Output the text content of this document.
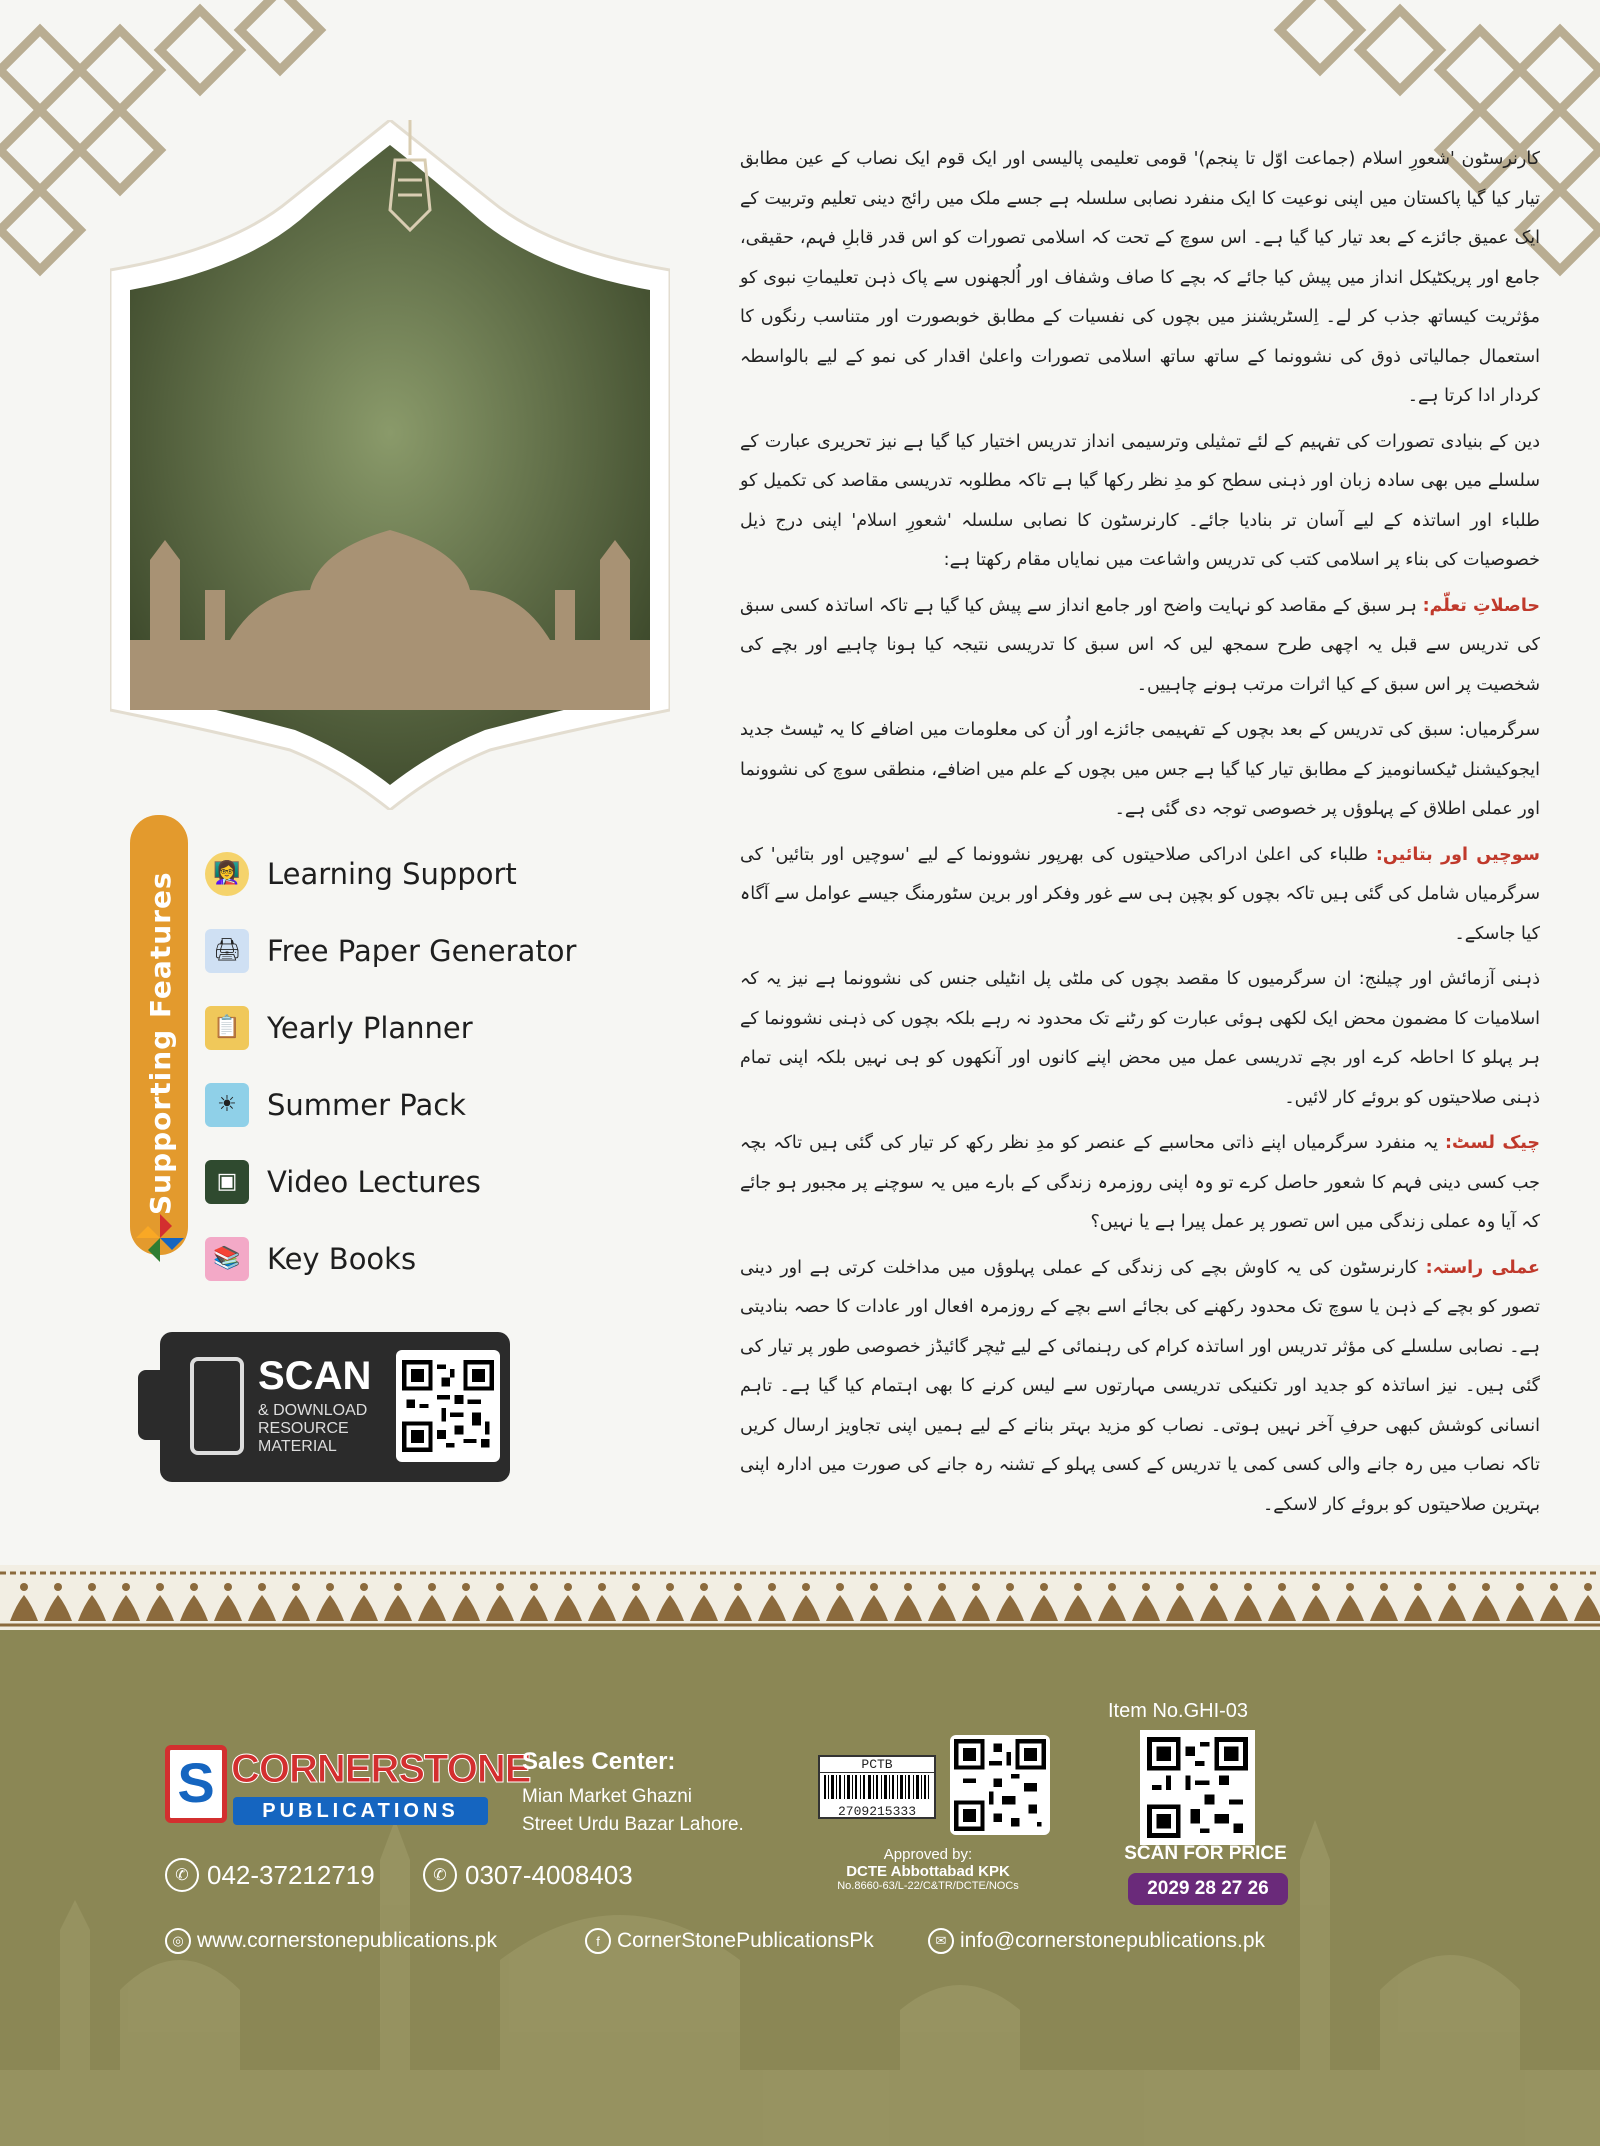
Supporting Features	👩‍🏫 Learning Support
🖨 Free Paper Generator
📋 Yearly Planner
☀	Summer Pack
▣	Video Lectures
📚 Key Books
SCAN
& DOWNLOAD
RESOURCE
MATERIAL

کارنرسٹون 'شعورِ اسلام (جماعت اوّل تا پنجم)' قومی تعلیمی پالیسی اور ایک قوم ایک نصاب کے عین مطابق تیار کیا گیا پاکستان میں اپنی نوعیت کا ایک منفرد نصابی سلسلہ ہے جسے ملک میں رائج دینی تعلیم وتربیت کے ایک عمیق جائزے کے بعد تیار کیا گیا ہے۔ اس سوچ کے تحت کہ اسلامی تصورات کو اس قدر قابلِ فہم، حقیقی، جامع اور پریکٹیکل انداز میں پیش کیا جائے کہ بچے کا صاف وشفاف اور اُلجھنوں سے پاک ذہن تعلیماتِ نبوی کو مؤثریت کیساتھ جذب کر لے۔ اِلسٹریشنز میں بچوں کی نفسیات کے مطابق خوبصورت اور متناسب رنگوں کا استعمال جمالیاتی ذوق کی نشوونما کے ساتھ ساتھ اسلامی تصورات واعلیٰ اقدار کی نمو کے لیے بالواسطہ کردار ادا کرتا ہے۔

دین کے بنیادی تصورات کی تفہیم کے لئے تمثیلی وترسیمی انداز تدریس اختیار کیا گیا ہے نیز تحریری عبارت کے سلسلے میں بھی سادہ زبان اور ذہنی سطح کو مدِ نظر رکھا گیا ہے تاکہ مطلوبہ تدریسی مقاصد کی تکمیل کو طلباء اور اساتذہ کے لیے آسان تر بنادیا جائے۔ کارنرسٹون کا نصابی سلسلہ 'شعورِ اسلام' اپنی درج ذیل خصوصیات کی بناء پر اسلامی کتب کی تدریس واشاعت میں نمایاں مقام رکھتا ہے:

حاصلاتِ تعلّم: ہر سبق کے مقاصد کو نہایت واضح اور جامع انداز سے پیش کیا گیا ہے تاکہ اساتذہ کسی سبق کی تدریس سے قبل یہ اچھی طرح سمجھ لیں کہ اس سبق کا تدریسی نتیجہ کیا ہونا چاہیے اور بچے کی شخصیت پر اس سبق کے کیا اثرات مرتب ہونے چاہییں۔

سرگرمیاں: سبق کی تدریس کے بعد بچوں کے تفہیمی جائزے اور اُن کی معلومات میں اضافے کا یہ ٹیسٹ جدید ایجوکیشنل ٹیکسانومیز کے مطابق تیار کیا گیا ہے جس میں بچوں کے علم میں اضافے، منطقی سوچ کی نشوونما اور عملی اطلاق کے پہلوؤں پر خصوصی توجہ دی گئی ہے۔

سوچیں اور بتائیں: طلباء کی اعلیٰ ادراکی صلاحیتوں کی بھرپور نشوونما کے لیے 'سوچیں اور بتائیں' کی سرگرمیاں شامل کی گئی ہیں تاکہ بچوں کو بچپن ہی سے غور وفکر اور برین سٹورمنگ جیسے عوامل سے آگاہ کیا جاسکے۔

ذہنی آزمائش اور چیلنج: ان سرگرمیوں کا مقصد بچوں کی ملٹی پل انٹیلی جنس کی نشوونما ہے نیز یہ کہ اسلامیات کا مضمون محض ایک لکھی ہوئی عبارت کو رٹنے تک محدود نہ رہے بلکہ بچوں کی ذہنی نشوونما کے ہر پہلو کا احاطہ کرے اور بچے تدریسی عمل میں محض اپنے کانوں اور آنکھوں کو ہی نہیں بلکہ اپنی تمام ذہنی صلاحیتوں کو بروئے کار لائیں۔

چیک لسٹ: یہ منفرد سرگرمیاں اپنے ذاتی محاسبے کے عنصر کو مدِ نظر رکھ کر تیار کی گئی ہیں تاکہ بچہ جب کسی دینی فہم کا شعور حاصل کرے تو وہ اپنی روزمرہ زندگی کے بارے میں یہ سوچنے پر مجبور ہو جائے کہ آیا وہ عملی زندگی میں اس تصور پر عمل پیرا ہے یا نہیں؟

عملی راستہ: کارنرسٹون کی یہ کاوش بچے کی زندگی کے عملی پہلوؤں میں مداخلت کرتی ہے اور دینی تصور کو بچے کے ذہن یا سوچ تک محدود رکھنے کی بجائے اسے بچے کے روزمرہ افعال اور عادات کا حصہ بنادیتی ہے۔ نصابی سلسلے کی مؤثر تدریس اور اساتذہ کرام کی رہنمائی کے لیے ٹیچر گائیڈز خصوصی طور پر تیار کی گئی ہیں۔ نیز اساتذہ کو جدید اور تکنیکی تدریسی مہارتوں سے لیس کرنے کا بھی اہتمام کیا گیا ہے۔ تاہم انسانی کوشش کبھی حرفِ آخر نہیں ہوتی۔ نصاب کو مزید بہتر بنانے کے لیے ہمیں اپنی تجاویز ارسال کریں تاکہ نصاب میں رہ جانے والی کسی کمی یا تدریس کے کسی پہلو کے تشنہ رہ جانے کی صورت میں ادارہ اپنی بہترین صلاحیتوں کو بروئے کار لاسکے۔

S CORNERSTONE
PUBLICATIONS
Sales Center:
Mian Market Ghazni
Street Urdu Bazar Lahore.
✆ 042-37212719	✆ 0307-4008403
◎ www.cornerstonepublications.pk	f CornerStonePublicationsPk	✉ info@cornerstonepublications.pk
PCTB
2709215333
Approved by:
DCTE Abbottabad KPK
No.8660-63/L-22/C&TR/DCTE/NOCs
Item No.GHI-03
SCAN FOR PRICE
2029 28 27 26
